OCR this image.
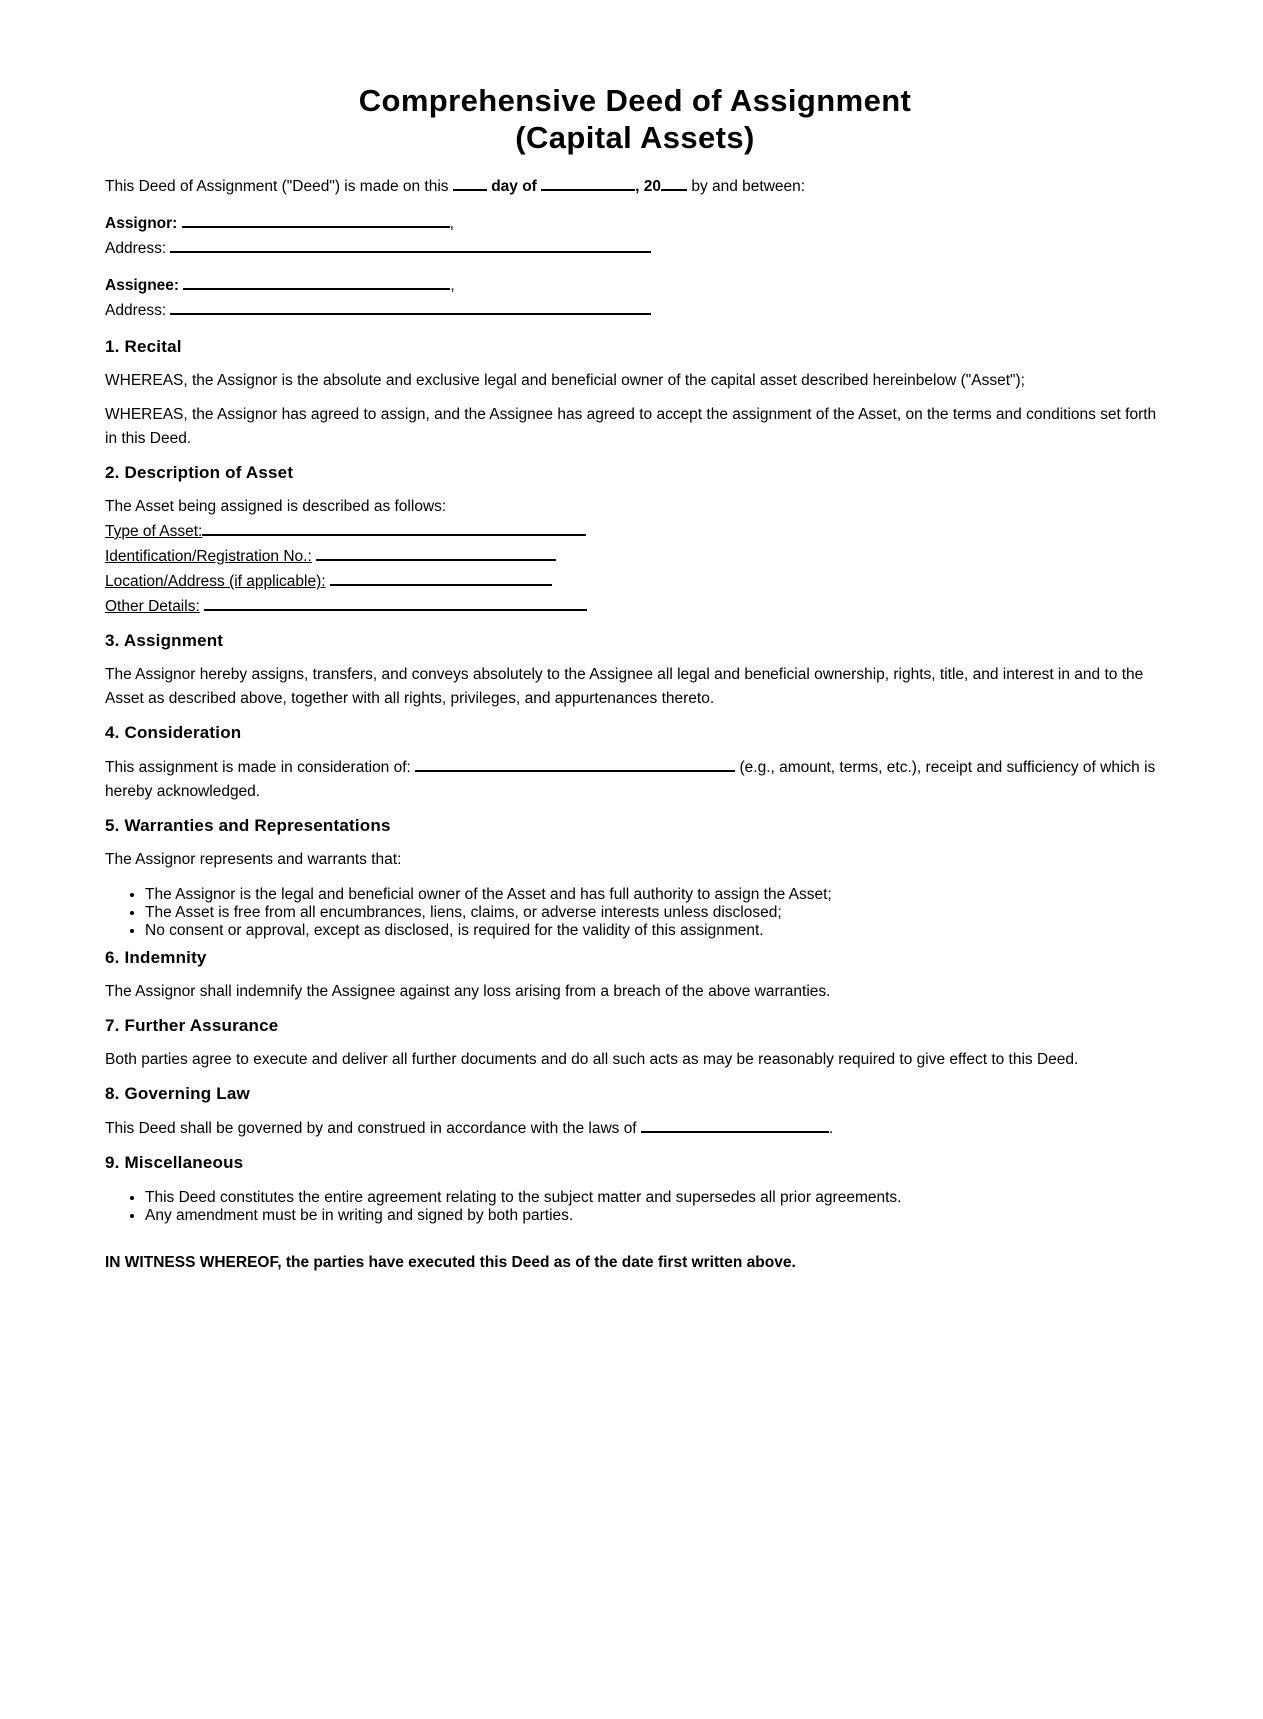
Comprehensive Deed of Assignment
(Capital Assets)

This Deed of Assignment ("Deed") is made on this	day of	, 20 by and between:

Assignor:	,

Address:

Assignee:	,

Address:

1. Recital

WHEREAS, the Assignor is the absolute and exclusive legal and beneficial owner of the capital asset described hereinbelow ("Asset");

WHEREAS, the Assignor has agreed to assign, and the Assignee has agreed to accept the assignment of the Asset, on the terms and conditions set forth in this Deed.

2. Description of Asset

The Asset being assigned is described as follows:

Type of Asset:

Identification/Registration No.:

Location/Address (if applicable):

Other Details:

3. Assignment

The Assignor hereby assigns, transfers, and conveys absolutely to the Assignee all legal and beneficial ownership, rights, title, and interest in and to the Asset as described above, together with all rights, privileges, and appurtenances thereto.

4. Consideration

This assignment is made in consideration of:	(e.g., amount, terms, etc.), receipt and sufficiency of which is hereby acknowledged.

5. Warranties and Representations

The Assignor represents and warrants that:

• The Assignor is the legal and beneficial owner of the Asset and has full authority to assign the Asset;
• The Asset is free from all encumbrances, liens, claims, or adverse interests unless disclosed;
• No consent or approval, except as disclosed, is required for the validity of this assignment.
6. Indemnity

The Assignor shall indemnify the Assignee against any loss arising from a breach of the above warranties.

7. Further Assurance

Both parties agree to execute and deliver all further documents and do all such acts as may be reasonably required to give effect to this Deed.

8. Governing Law

This Deed shall be governed by and construed in accordance with the laws of	.

9. Miscellaneous
• This Deed constitutes the entire agreement relating to the subject matter and supersedes all prior agreements.
• Any amendment must be in writing and signed by both parties.

IN WITNESS WHEREOF, the parties have executed this Deed as of the date first written above.
